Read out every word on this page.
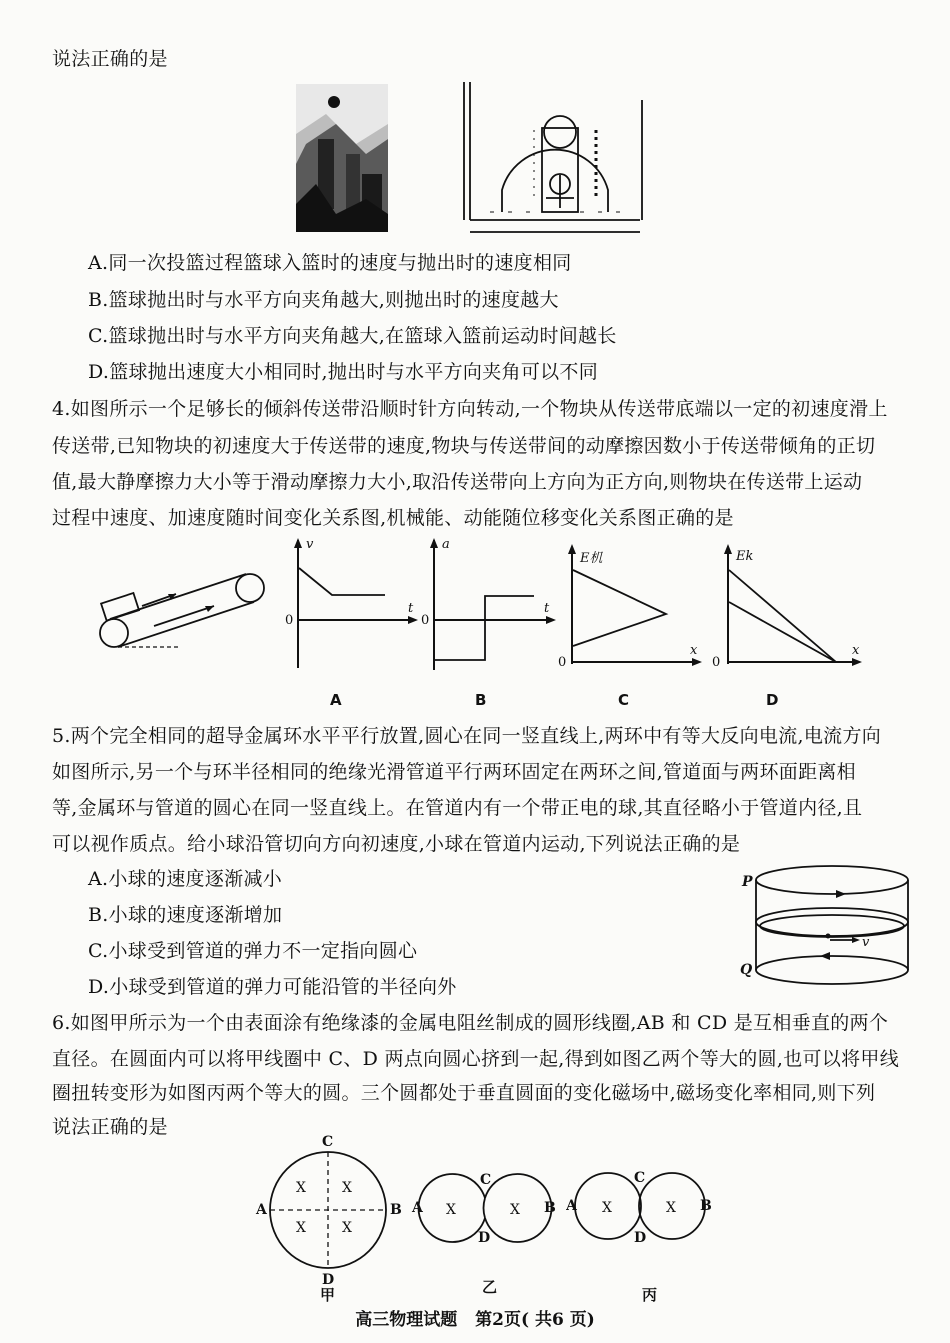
说法正确的是
A.同一次投篮过程篮球入篮时的速度与抛出时的速度相同
B.篮球抛出时与水平方向夹角越大,则抛出时的速度越大
C.篮球抛出时与水平方向夹角越大,在篮球入篮前运动时间越长
D.篮球抛出速度大小相同时,抛出时与水平方向夹角可以不同
4.如图所示一个足够长的倾斜传送带沿顺时针方向转动,一个物块从传送带底端以一定的初速度滑上
传送带,已知物块的初速度大于传送带的速度,物块与传送带间的动摩擦因数小于传送带倾角的正切
值,最大静摩擦力大小等于滑动摩擦力大小,取沿传送带向上方向为正方向,则物块在传送带上运动
过程中速度、加速度随时间变化关系图,机械能、动能随位移变化关系图正确的是
v
t
0
A
a
t
0
B
E机
x
0
C
Ek
x
0
D
5.两个完全相同的超导金属环水平平行放置,圆心在同一竖直线上,两环中有等大反向电流,电流方向
如图所示,另一个与环半径相同的绝缘光滑管道平行两环固定在两环之间,管道面与两环面距离相
等,金属环与管道的圆心在同一竖直线上。在管道内有一个带正电的球,其直径略小于管道内径,且
可以视作质点。给小球沿管切向方向初速度,小球在管道内运动,下列说法正确的是
A.小球的速度逐渐减小
B.小球的速度逐渐增加
C.小球受到管道的弹力不一定指向圆心
D.小球受到管道的弹力可能沿管的半径向外
P
Q
v
6.如图甲所示为一个由表面涂有绝缘漆的金属电阻丝制成的圆形线圈,AB 和 CD 是互相垂直的两个
直径。在圆面内可以将甲线圈中 C、D 两点向圆心挤到一起,得到如图乙两个等大的圆,也可以将甲线
圈扭转变形为如图丙两个等大的圆。三个圆都处于垂直圆面的变化磁场中,磁场变化率相同,则下列
说法正确的是
X	X
X	X
C
D
A	B
甲
X	X
C
D
A	B
乙
X	X
C
D
A	B
丙
高三物理试题 第2页( 共6 页)
